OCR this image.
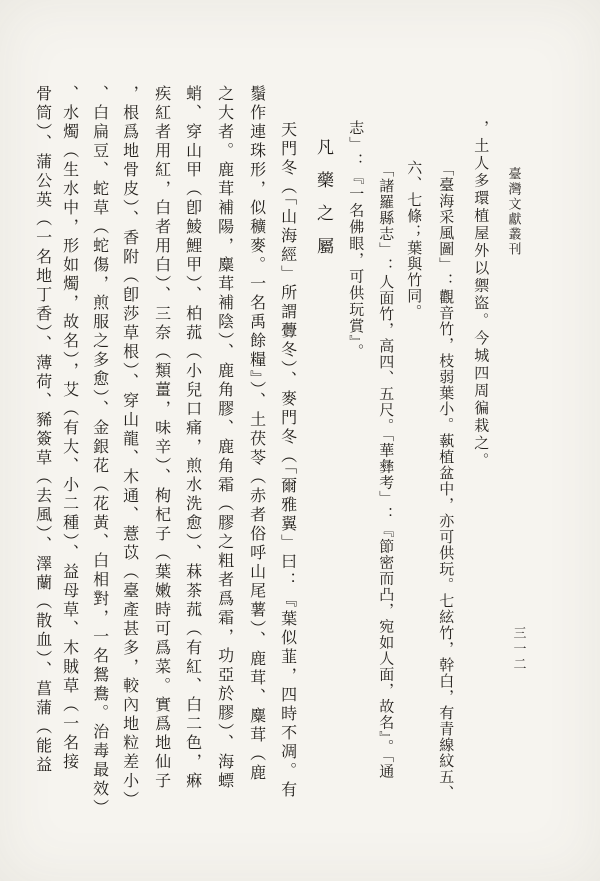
臺灣文獻叢刊
三一二
，土人多環植屋外以禦盜。今城四周徧栽之。
「臺海采風圖」：觀音竹，枝弱葉小。蓻植盆中，亦可供玩。七絃竹，幹白，有青線紋五、
六、七條；葉與竹同。
「諸羅縣志」：人面竹，高四、五尺。「華彝考」：『節密而凸，宛如人面，故名』。「通
志」：『一名佛眼，可供玩賞』。
凡藥之屬
天門冬（「山海經」所謂虋冬）、麥門冬（「爾雅翼」曰：『葉似韮，四時不凋。有
鬚作連珠形，似穬麥。一名禹餘糧』）、土茯苓（赤者俗呼山尾薯）、鹿茸、麋茸（鹿
之大者。鹿茸補陽，麋茸補陰）、鹿角膠、鹿角霜（膠之粗者爲霜，功亞於膠）、海螵
蛸、穿山甲（卽鯪鯉甲）、柏菰（小兒口痛，煎水洗愈）、菻茶菰（有紅、白二色，痳
疾紅者用紅，白者用白）、三奈（類薑，味辛）、枸杞子（葉嫩時可爲菜。實爲地仙子
，根爲地骨皮）、香附（卽莎草根）、穿山龍、木通、薏苡（臺產甚多，較內地粒差小）
、白扁豆、蛇草（蛇傷，煎服之多愈）、金銀花（花黃、白相對，一名鴛鴦。治毒最效）
、水燭（生水中，形如燭，故名），艾（有大、小二種）、益母草、木賊草（一名接
骨筒）、蒲公英（一名地丁香）、薄荷、豨簽草（去風）、澤蘭（散血）、菖蒲（能益
